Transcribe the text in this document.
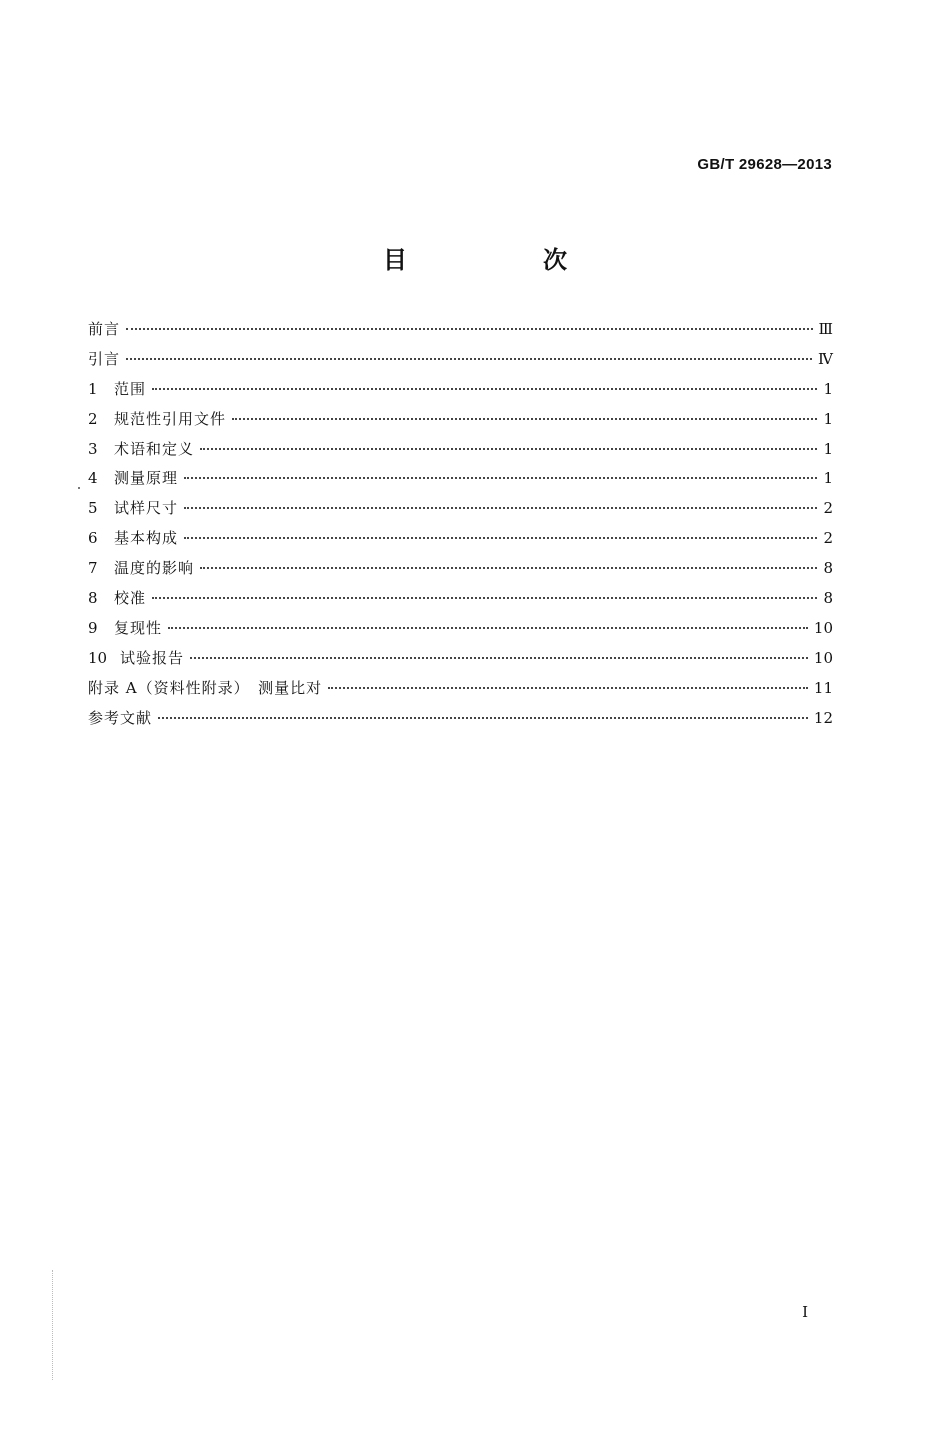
GB/T 29628—2013
目　次
前言	Ⅲ
引言	Ⅳ
1	范围	1
2	规范性引用文件	1
3	术语和定义	1
4	测量原理	1
5	试样尺寸	2
6	基本构成	2
7	温度的影响	8
8	校准	8
9	复现性	10
10 试验报告	10
附录 A（资料性附录）　测量比对	11
参考文献	12
I
